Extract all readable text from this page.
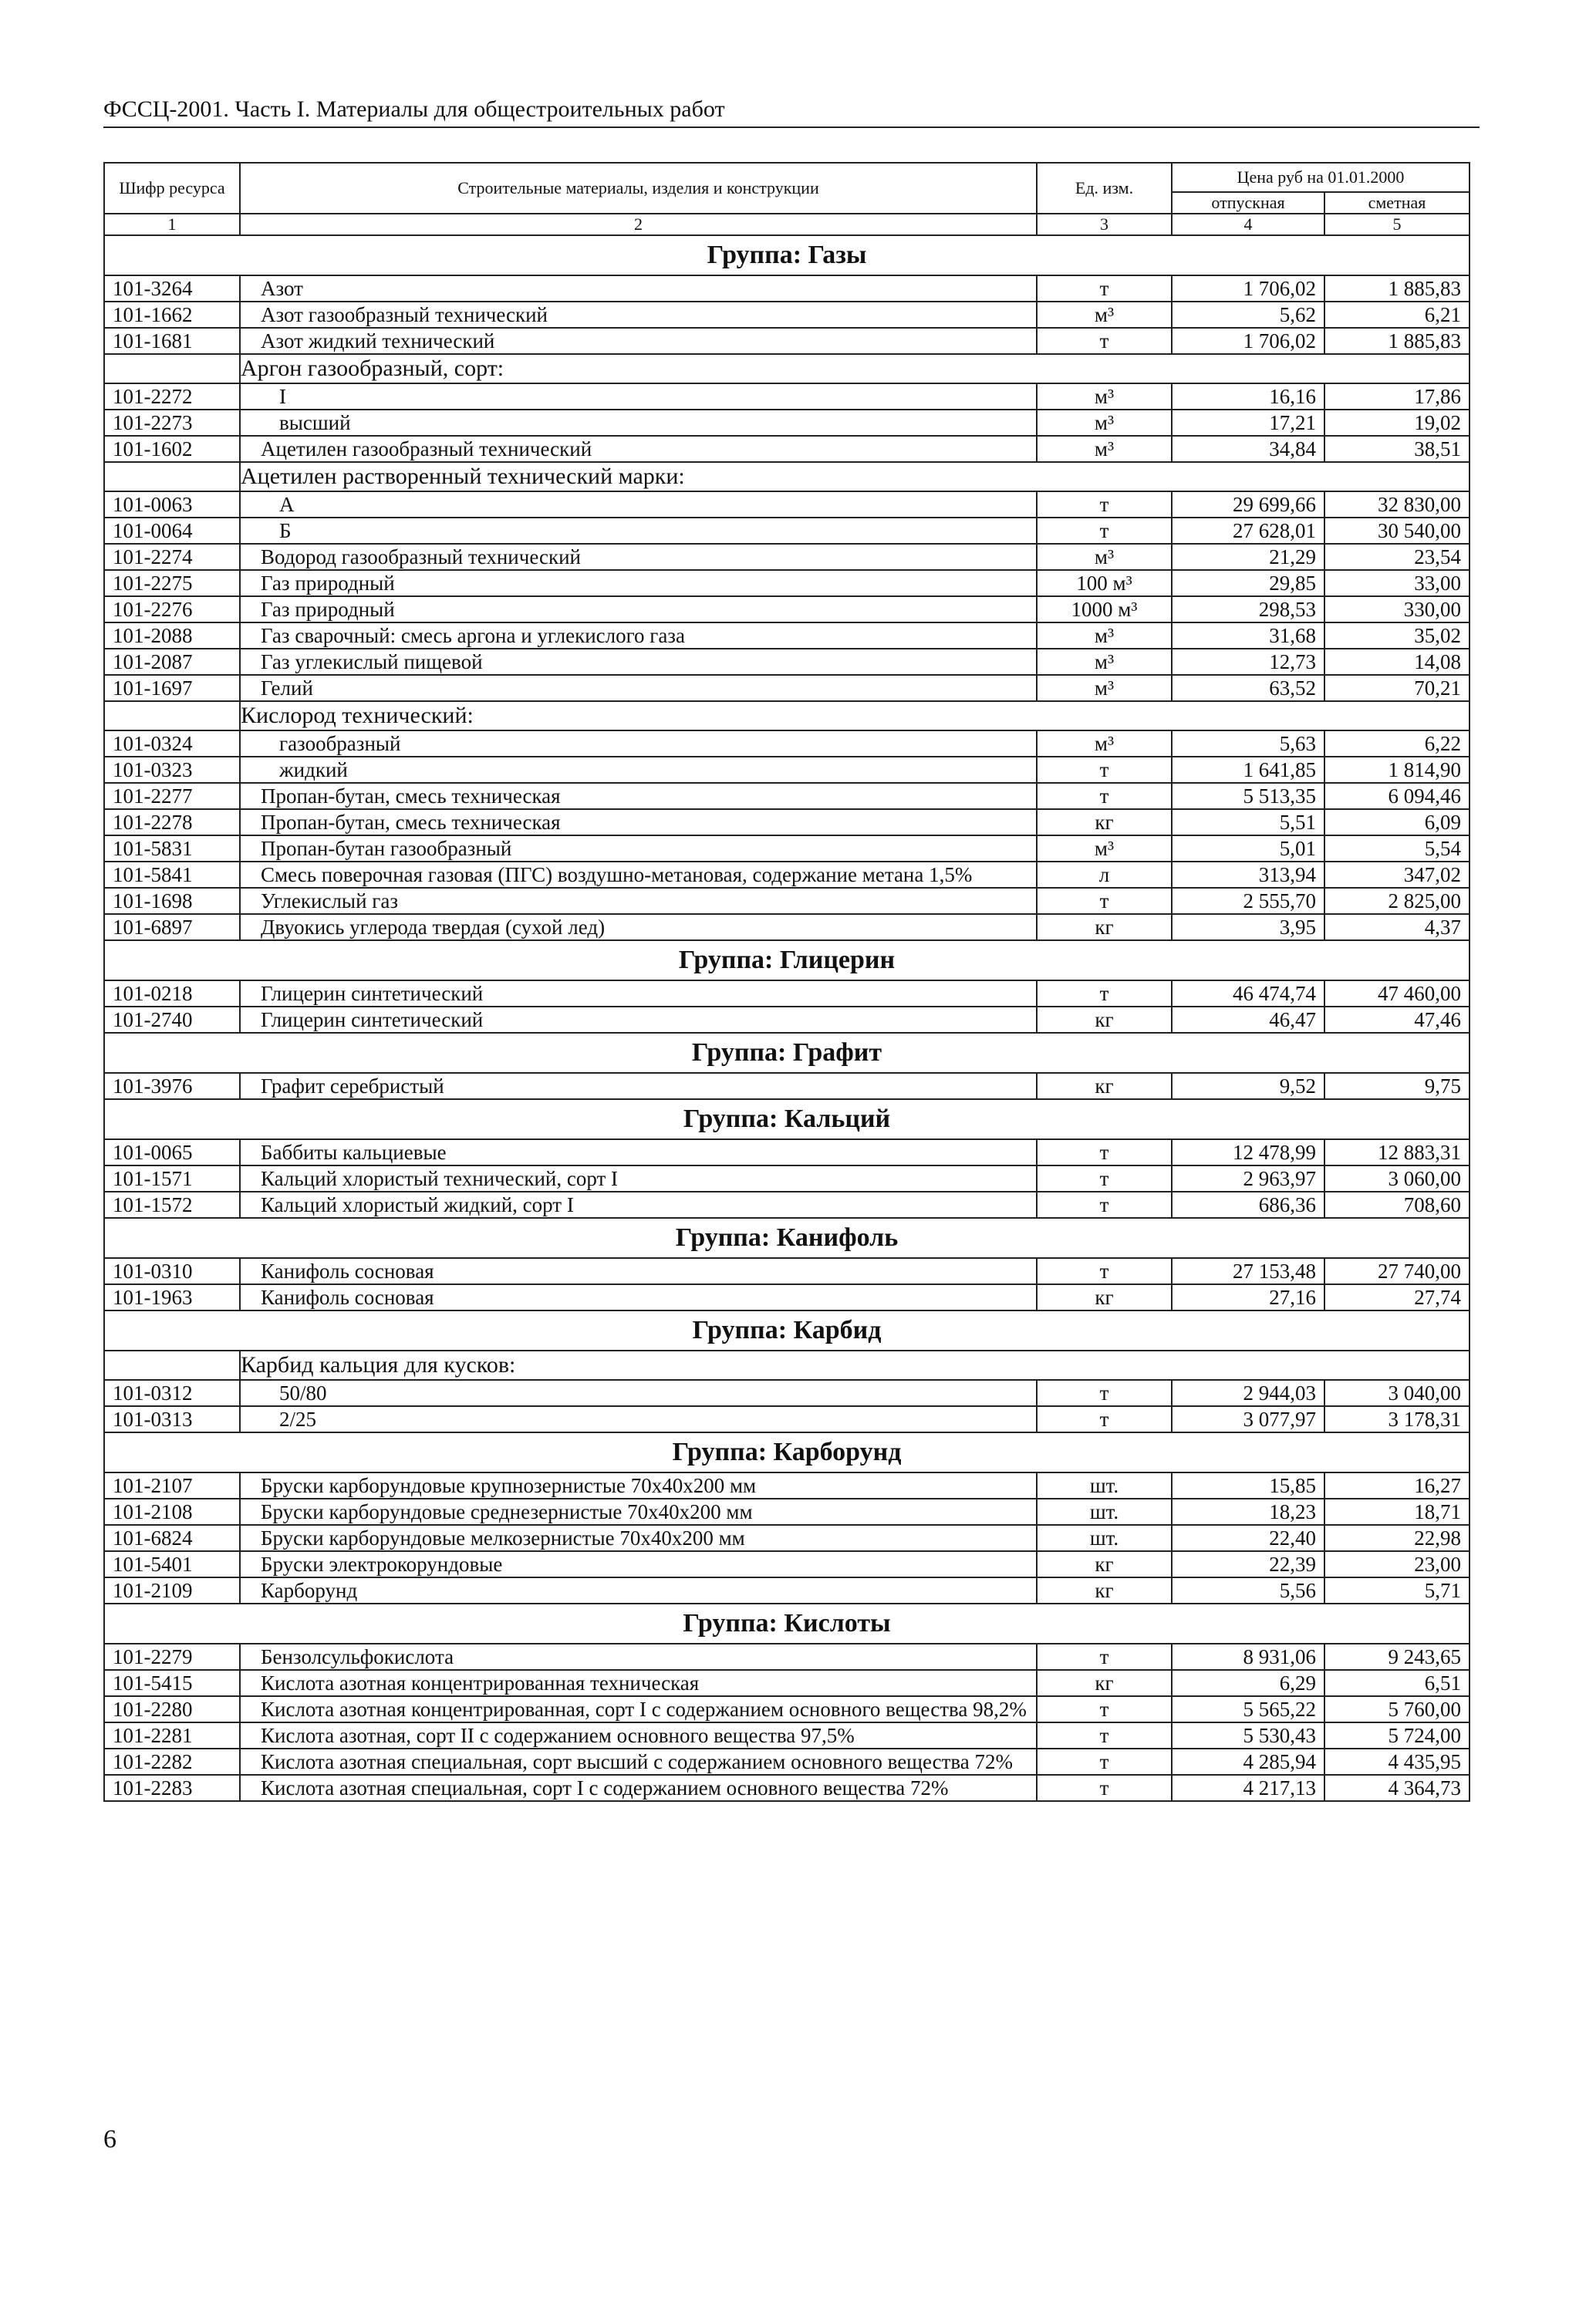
ФССЦ-2001. Часть I. Материалы для общестроительных работ
Шифр ресурса	Строительные материалы, изделия и конструкции	Ед. изм.	Цена руб на 01.01.2000	
			отпускная	сметная
1	2	3	4	5
Группа: Газы				
101-3264	Азот	т	1 706,02	1 885,83
101-1662	Азот газообразный технический	м³	5,62	6,21
101-1681	Азот жидкий технический	т	1 706,02	1 885,83
	Аргон газообразный, сорт:			
101-2272	I	м³	16,16	17,86
101-2273	высший	м³	17,21	19,02
101-1602	Ацетилен газообразный технический	м³	34,84	38,51
	Ацетилен растворенный технический марки:			
101-0063	А	т	29 699,66	32 830,00
101-0064	Б	т	27 628,01	30 540,00
101-2274	Водород газообразный технический	м³	21,29	23,54
101-2275	Газ природный	100 м³	29,85	33,00
101-2276	Газ природный	1000 м³	298,53	330,00
101-2088	Газ сварочный: смесь аргона и углекислого газа	м³	31,68	35,02
101-2087	Газ углекислый пищевой	м³	12,73	14,08
101-1697	Гелий	м³	63,52	70,21
	Кислород технический:			
101-0324	газообразный	м³	5,63	6,22
101-0323	жидкий	т	1 641,85	1 814,90
101-2277	Пропан-бутан, смесь техническая	т	5 513,35	6 094,46
101-2278	Пропан-бутан, смесь техническая	кг	5,51	6,09
101-5831	Пропан-бутан газообразный	м³	5,01	5,54
101-5841	Смесь поверочная газовая (ПГС) воздушно-метановая, содержание метана 1,5%	л	313,94	347,02
101-1698	Углекислый газ	т	2 555,70	2 825,00
101-6897	Двуокись углерода твердая (сухой лед)	кг	3,95	4,37
Группа: Глицерин				
101-0218	Глицерин синтетический	т	46 474,74	47 460,00
101-2740	Глицерин синтетический	кг	46,47	47,46
Группа: Графит				
101-3976	Графит серебристый	кг	9,52	9,75
Группа: Кальций				
101-0065	Баббиты кальциевые	т	12 478,99	12 883,31
101-1571	Кальций хлористый технический, сорт I	т	2 963,97	3 060,00
101-1572	Кальций хлористый жидкий, сорт I	т	686,36	708,60
Группа: Канифоль				
101-0310	Канифоль сосновая	т	27 153,48	27 740,00
101-1963	Канифоль сосновая	кг	27,16	27,74
Группа: Карбид				
	Карбид кальция для кусков:			
101-0312	50/80	т	2 944,03	3 040,00
101-0313	2/25	т	3 077,97	3 178,31
Группа: Карборунд				
101-2107	Бруски карборундовые крупнозернистые 70х40х200 мм	шт.	15,85	16,27
101-2108	Бруски карборундовые среднезернистые 70х40х200 мм	шт.	18,23	18,71
101-6824	Бруски карборундовые мелкозернистые 70х40х200 мм	шт.	22,40	22,98
101-5401	Бруски электрокорундовые	кг	22,39	23,00
101-2109	Карборунд	кг	5,56	5,71
Группа: Кислоты				
101-2279	Бензолсульфокислота	т	8 931,06	9 243,65
101-5415	Кислота азотная концентрированная техническая	кг	6,29	6,51
101-2280	Кислота азотная концентрированная, сорт I с содержанием основного вещества 98,2%	т	5 565,22	5 760,00
101-2281	Кислота азотная, сорт II с содержанием основного вещества 97,5%	т	5 530,43	5 724,00
101-2282	Кислота азотная специальная, сорт высший с содержанием основного вещества 72%	т	4 285,94	4 435,95
101-2283	Кислота азотная специальная, сорт I с содержанием основного вещества 72%	т	4 217,13	4 364,73
6
